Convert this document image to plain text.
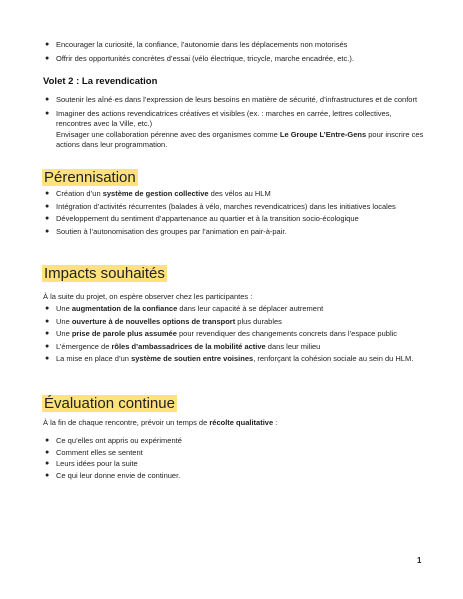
● Encourager la curiosité, la confiance, l’autonomie dans les déplacements non motorisés
● Offrir des opportunités concrètes d’essai (vélo électrique, tricycle, marche encadrée, etc.).
Volet 2 : La revendication
● Soutenir les aîné·es dans l’expression de leurs besoins en matière de sécurité, d’infrastructures et de confort
● Imaginer des actions revendicatrices créatives et visibles (ex. : marches en carrée, lettres collectives, rencontres avec la Ville, etc.)
Envisager une collaboration pérenne avec des organismes comme Le Groupe L’Entre-Gens pour inscrire ces actions dans leur programmation.
Pérennisation
● Création d’un système de gestion collective des vélos au HLM
● Intégration d’activités récurrentes (balades à vélo, marches revendicatrices) dans les initiatives locales
● Développement du sentiment d’appartenance au quartier et à la transition socio-écologique
● Soutien à l’autonomisation des groupes par l’animation en pair-à-pair.
Impacts souhaités
À la suite du projet, on espère observer chez les participantes :
● Une augmentation de la confiance dans leur capacité à se déplacer autrement
● Une ouverture à de nouvelles options de transport plus durables
● Une prise de parole plus assumée pour revendiquer des changements concrets dans l’espace public
● L’émergence de rôles d’ambassadrices de la mobilité active dans leur milieu
● La mise en place d’un système de soutien entre voisines, renforçant la cohésion sociale au sein du HLM.
Évaluation continue
À la fin de chaque rencontre, prévoir un temps de récolte qualitative :
● Ce qu’elles ont appris ou expérimenté
● Comment elles se sentent
● Leurs idées pour la suite
● Ce qui leur donne envie de continuer.
1
